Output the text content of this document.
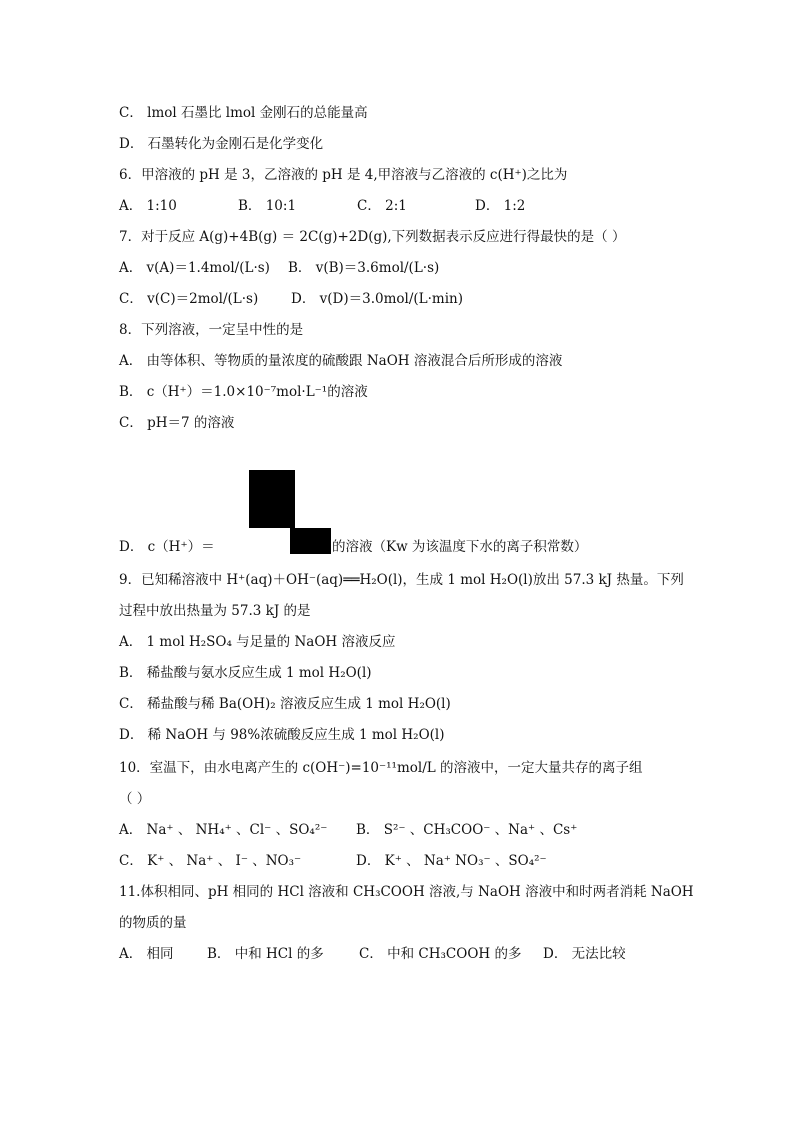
C． lmol 石墨比 lmol 金刚石的总能量高
D． 石墨转化为金刚石是化学变化
6．甲溶液的 pH 是 3，乙溶液的 pH 是 4,甲溶液与乙溶液的 c(H⁺)之比为
A． 1:10	B． 10:1	C． 2:1	D． 1:2
7．对于反应 A(g)+4B(g) ＝ 2C(g)+2D(g),下列数据表示反应进行得最快的是（ ）
A． v(A)＝1.4mol/(L·s) B． v(B)＝3.6mol/(L·s)
C． v(C)＝2mol/(L·s) D． v(D)＝3.0mol/(L·min)
8．下列溶液，一定呈中性的是
A． 由等体积、等物质的量浓度的硫酸跟 NaOH 溶液混合后所形成的溶液
B． c（H⁺）＝1.0×10⁻⁷mol·L⁻¹的溶液
C． pH＝7 的溶液
D． c（H⁺）＝	的溶液（Kw 为该温度下水的离子积常数）
9．已知稀溶液中 H⁺(aq)＋OH⁻(aq)══H₂O(l)，生成 1 mol H₂O(l)放出 57.3 kJ 热量。下列
过程中放出热量为 57.3 kJ 的是
A． 1 mol H₂SO₄ 与足量的 NaOH 溶液反应
B． 稀盐酸与氨水反应生成 1 mol H₂O(l)
C． 稀盐酸与稀 Ba(OH)₂ 溶液反应生成 1 mol H₂O(l)
D． 稀 NaOH 与 98%浓硫酸反应生成 1 mol H₂O(l)
10．室温下，由水电离产生的 c(OH⁻)=10⁻¹¹mol/L 的溶液中，一定大量共存的离子组
（ ）
A． Na⁺ 、 NH₄⁺ 、Cl⁻ 、SO₄²⁻ B． S²⁻ 、CH₃COO⁻ 、Na⁺ 、Cs⁺
C． K⁺ 、 Na⁺ 、 I⁻ 、NO₃⁻	D． K⁺ 、 Na⁺ NO₃⁻ 、SO₄²⁻
11.体积相同、pH 相同的 HCl 溶液和 CH₃COOH 溶液,与 NaOH 溶液中和时两者消耗 NaOH
的物质的量
A． 相同 B． 中和 HCl 的多	C． 中和 CH₃COOH 的多 D． 无法比较
